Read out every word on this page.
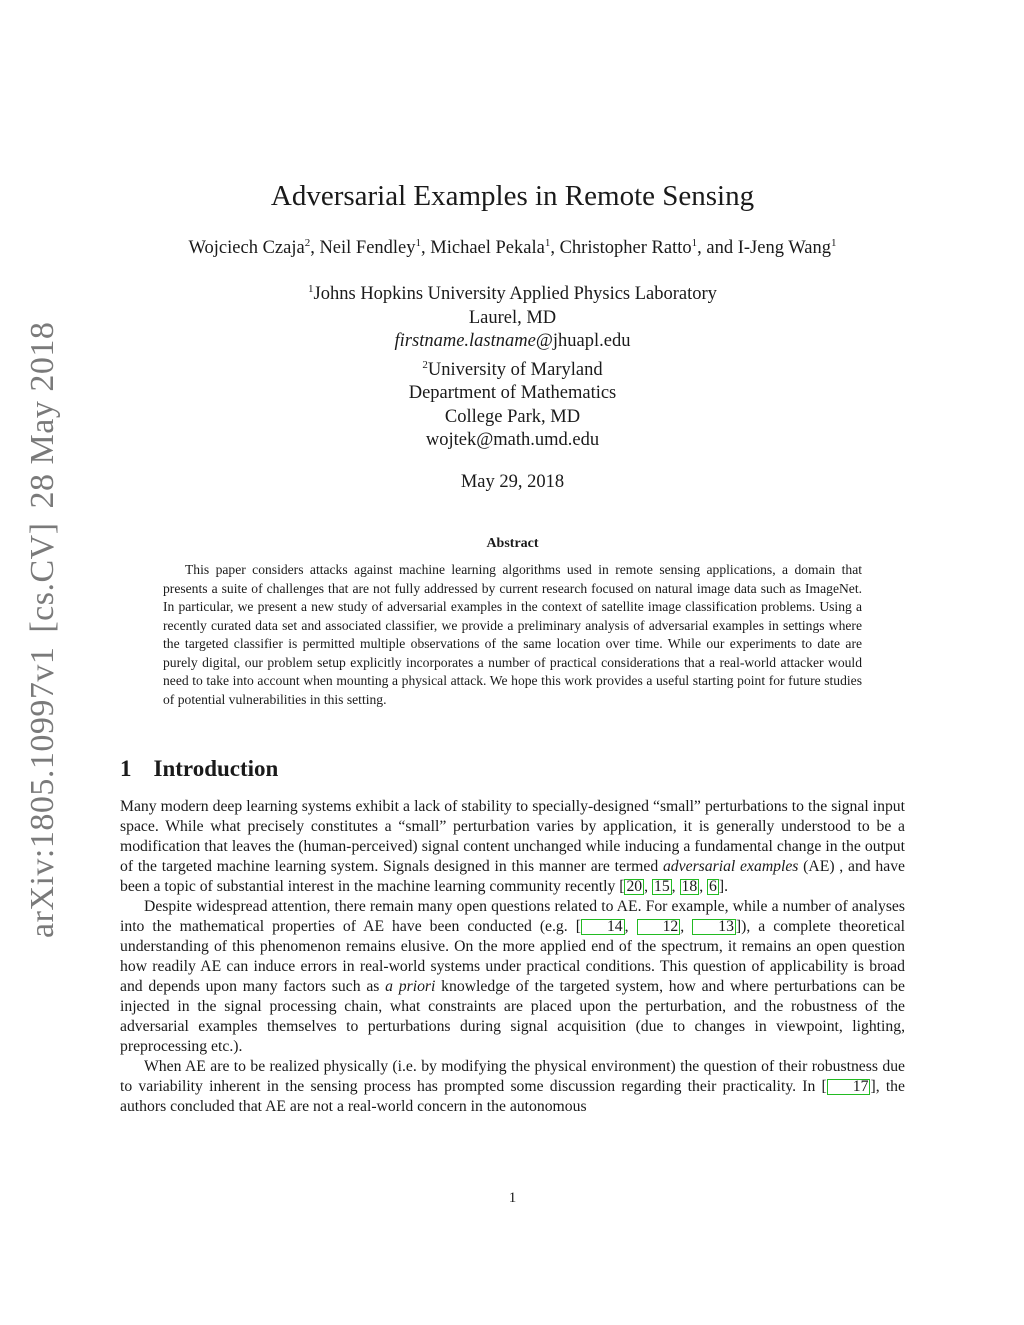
arXiv:1805.10997v1[cs.CV]28 May 2018
Adversarial Examples in Remote Sensing
Wojciech Czaja$^2$, Neil Fendley$^1$, Michael Pekala$^1$, Christopher Ratto$^1$, and I-Jeng Wang$^1$
$^1$Johns Hopkins University Applied Physics Laboratory
Laurel, MD
firstname.lastname@jhuapl.edu
$^2$University of Maryland
Department of Mathematics
College Park, MD
wojtek@math.umd.edu
May 29, 2018
Abstract
This paper considers attacks against machine learning algorithms used in remote sensing applications, a domain that presents a suite of challenges that are not fully addressed by current research focused on natural image data such as ImageNet. In particular, we present a new study of adversarial examples in the context of satellite image classification problems. Using a recently curated data set and associated classifier, we provide a preliminary analysis of adversarial examples in settings where the targeted classifier is permitted multiple observations of the same location over time. While our experiments to date are purely digital, our problem setup explicitly incorporates a number of practical considerations that a real-world attacker would need to take into account when mounting a physical attack. We hope this work provides a useful starting point for future studies of potential vulnerabilities in this setting.
1 Introduction

Many modern deep learning systems exhibit a lack of stability to specially-designed “small” perturbations to the signal input space. While what precisely constitutes a “small” perturbation varies by application, it is generally understood to be a modification that leaves the (human-perceived) signal content unchanged while inducing a fundamental change in the output of the targeted machine learning system. Signals designed in this manner are termed adversarial examples (AE) , and have been a topic of substantial interest in the machine learning community recently [ 20 , 15 , 18 , 6 ].

Despite widespread attention, there remain many open questions related to AE. For example, while a number of analyses into the mathematical properties of AE have been conducted (e.g. [ 14 , 12 , 13 ]), a complete theoretical understanding of this phenomenon remains elusive. On the more applied end of the spectrum, it remains an open question how readily AE can induce errors in real-world systems under practical conditions. This question of applicability is broad and depends upon many factors such as a priori knowledge of the targeted system, how and where perturbations can be injected in the signal processing chain, what constraints are placed upon the perturbation, and the robustness of the adversarial examples themselves to perturbations during signal acquisition (due to changes in viewpoint, lighting, preprocessing etc.).

When AE are to be realized physically (i.e. by modifying the physical environment) the question of their robustness due to variability inherent in the sensing process has prompted some discussion regarding their practicality. In [ 17 ], the authors concluded that AE are not a real-world concern in the autonomous

1
